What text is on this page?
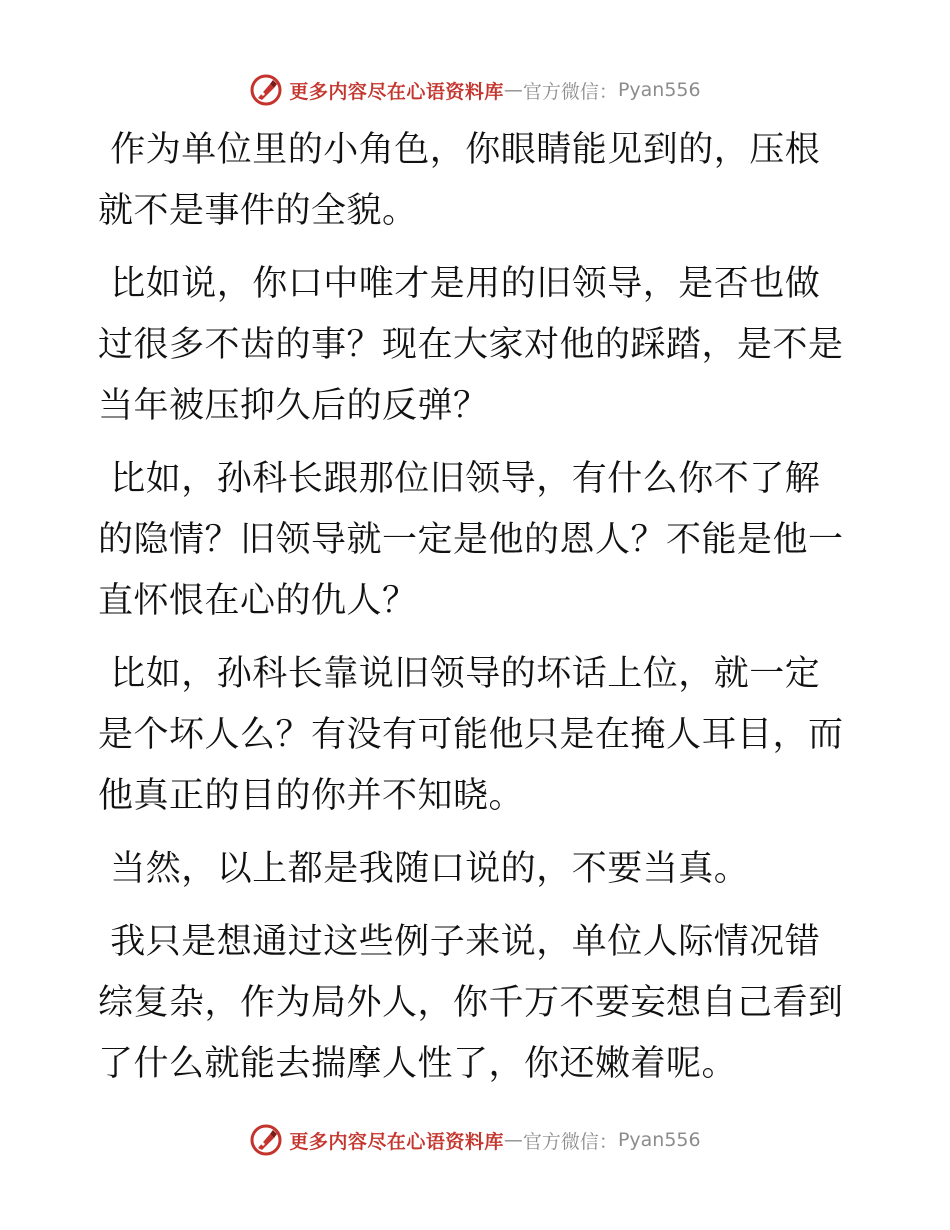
更多内容尽在心语资料库 — 官方微信： Pyan556

作为单位里的小角色，你眼睛能见到的，压根就不是事件的全貌。

比如说，你口中唯才是用的旧领导，是否也做过很多不齿的事？现在大家对他的踩踏，是不是当年被压抑久后的反弹？

比如，孙科长跟那位旧领导，有什么你不了解的隐情？旧领导就一定是他的恩人？不能是他一直怀恨在心的仇人？

比如，孙科长靠说旧领导的坏话上位，就一定是个坏人么？有没有可能他只是在掩人耳目，而他真正的目的你并不知晓。

当然，以上都是我随口说的，不要当真。

我只是想通过这些例子来说，单位人际情况错综复杂，作为局外人，你千万不要妄想自己看到了什么就能去揣摩人性了，你还嫩着呢。

更多内容尽在心语资料库 — 官方微信： Pyan556
